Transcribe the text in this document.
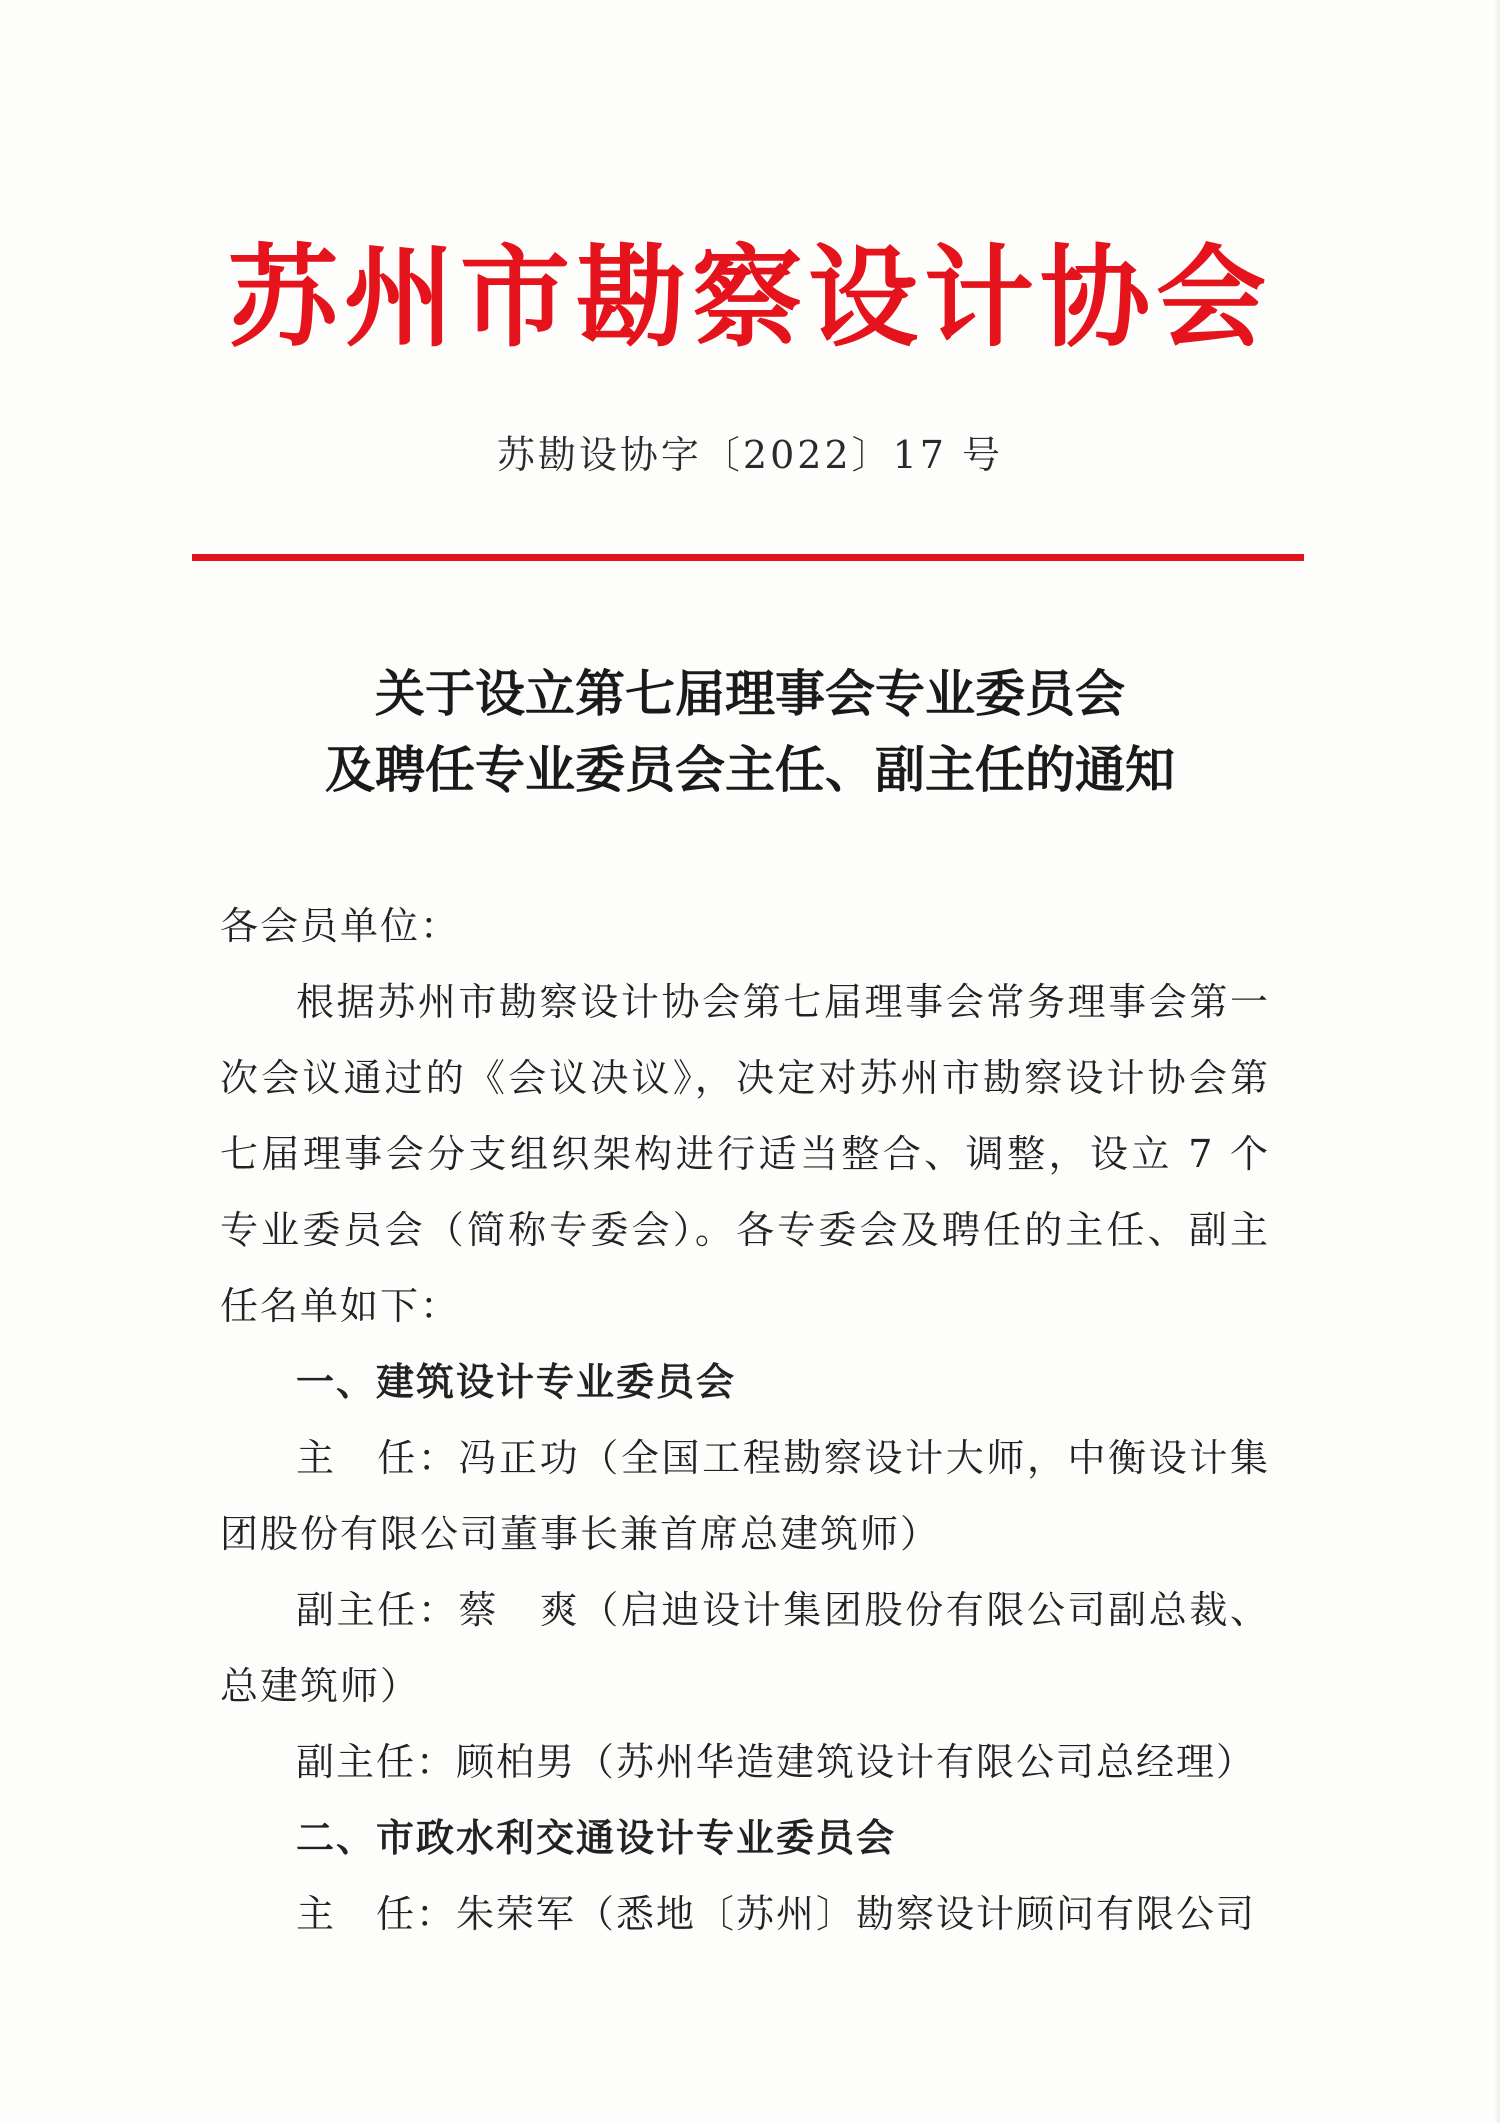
苏州市勘察设计协会
苏勘设协字〔2022〕17 号
关于设立第七届理事会专业委员会
及聘任专业委员会主任、副主任的通知

各会员单位：

根据苏州市勘察设计协会第七届理事会常务理事会第一次会议通过的《会议决议》，决定对苏州市勘察设计协会第七届理事会分支组织架构进行适当整合、调整，设立 7 个专业委员会（简称专委会）。各专委会及聘任的主任、副主任名单如下：

一、建筑设计专业委员会

主　任：冯正功（全国工程勘察设计大师，中衡设计集团股份有限公司董事长兼首席总建筑师）

副主任：蔡　爽（启迪设计集团股份有限公司副总裁、总建筑师）

副主任：顾柏男（苏州华造建筑设计有限公司总经理）

二、市政水利交通设计专业委员会

主　任：朱荣军（悉地〔苏州〕勘察设计顾问有限公司
